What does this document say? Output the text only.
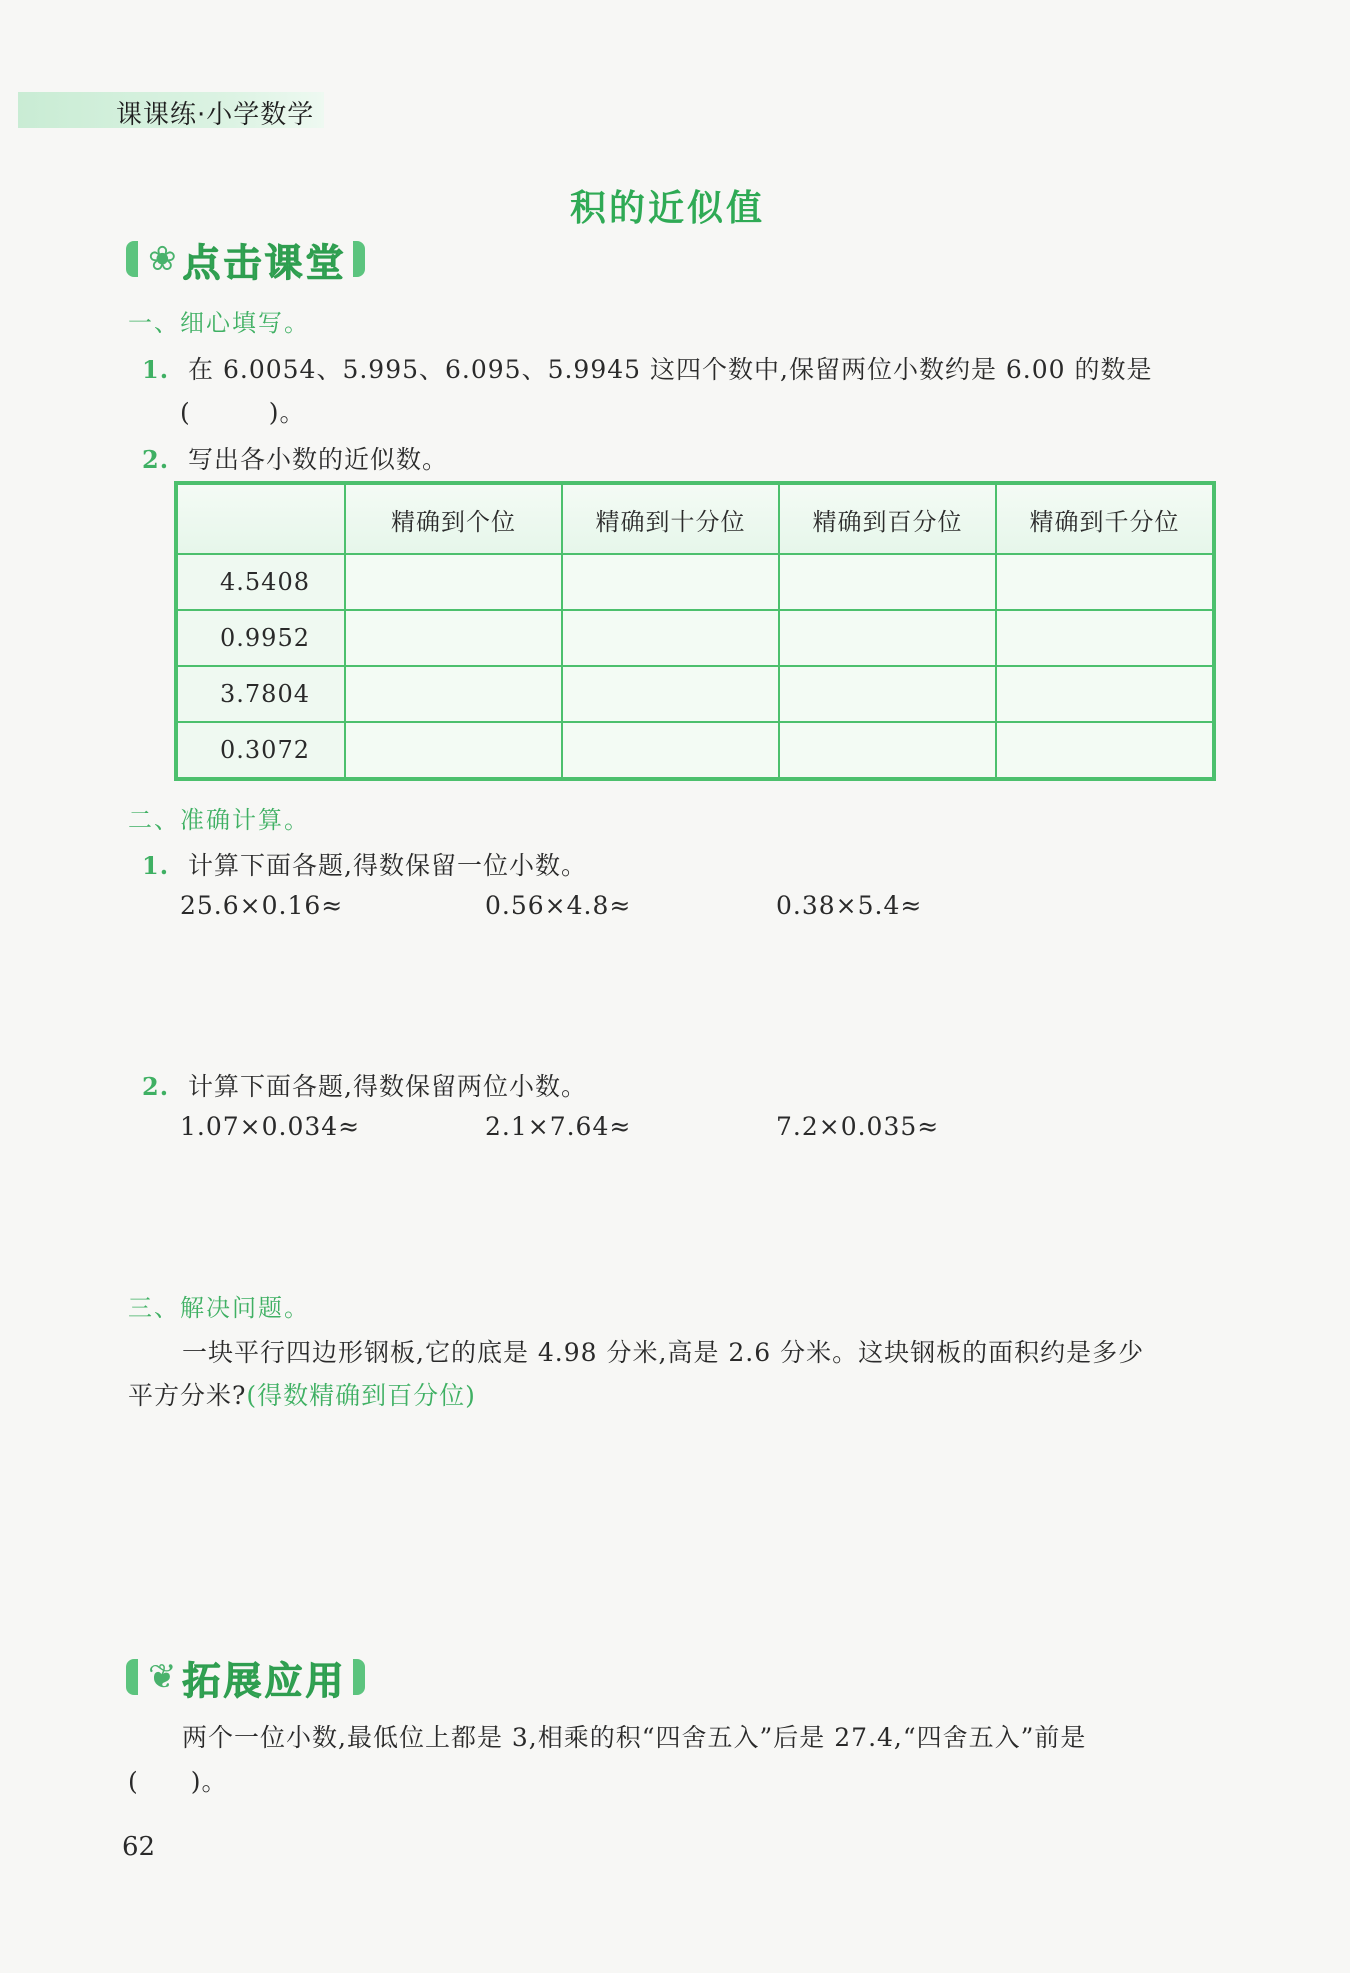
课课练·小学数学
积的近似值
❀ 点击课堂
一、细心填写。
1. 在 6.0054、5.995、6.095、5.9945 这四个数中,保留两位小数约是 6.00 的数是
(　　　)。
2. 写出各小数的近似数。
	精确到个位	精确到十分位	精确到百分位	精确到千分位
4.5408				
0.9952				
3.7804				
0.3072				
二、准确计算。
1. 计算下面各题,得数保留一位小数。
25.6×0.16≈	0.56×4.8≈	0.38×5.4≈
2. 计算下面各题,得数保留两位小数。
1.07×0.034≈	2.1×7.64≈	7.2×0.035≈
三、解决问题。
一块平行四边形钢板,它的底是 4.98 分米,高是 2.6 分米。这块钢板的面积约是多少
平方分米?(得数精确到百分位)
❦ 拓展应用
两个一位小数,最低位上都是 3,相乘的积“四舍五入”后是 27.4,“四舍五入”前是
(　　)。
62
